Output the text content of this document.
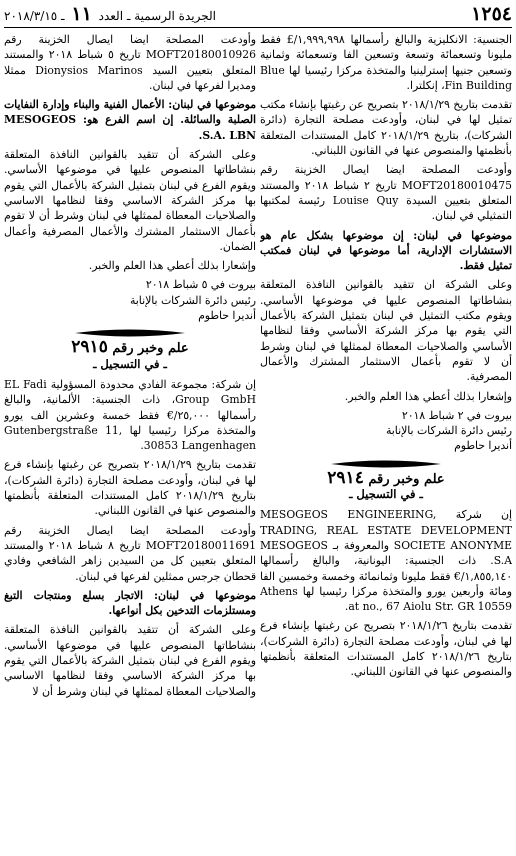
١٢٥٤
الجريدة الرسمية ـ العدد ١١ ـ ٢٠١٨/٣/١٥

الجنسية: الانكليزية والبالغ رأسمالها ١,٩٩٩,٩٩٨/£ فقط مليونا وتسعمائة وتسعة وتسعين الفا وتسعمائة وثمانية وتسعين جنيها إسترلينيا والمتخذة مركزا رئيسيا لها Blue Fin Building، إنكلترا.

تقدمت بتاريخ ٢٠١٨/١/٢٩ بتصريح عن رغبتها بإنشاء مكتب تمثيل لها في لبنان، وأودعت مصلحة التجارة (دائرة الشركات)، بتاريخ ٢٠١٨/١/٢٩ كامل المستندات المتعلقة بأنظمتها والمنصوص عنها في القانون اللبناني.

وأودعت المصلحة ايضا ايصال الخزينة رقم MOFT20180010475 تاريخ ٢ شباط ٢٠١٨ والمستند المتعلق بتعيين السيدة Louise Quy رئيسة لمكتبها التمثيلي في لبنان.

موضوعها في لبنان: إن موضوعها بشكل عام هو الاستشارات الإدارية، أما موضوعها في لبنان فمكتب تمثيل فقط.

وعلى الشركة ان تتقيد بالقوانين النافذة المتعلقة بنشاطاتها المنصوص عليها في موضوعها الأساسي. ويقوم مكتب التمثيل في لبنان بتمثيل الشركة بالأعمال التي يقوم بها مركز الشركة الأساسي وفقا لنظامها الأساسي والصلاحيات المعطاة لممثلها في لبنان وشرط أن لا تقوم بأعمال الاستثمار المشترك والأعمال المصرفية.

وإشعارا بذلك أعطي هذا العلم والخبر.

بيروت في ٢ شباط ٢٠١٨

رئيس دائرة الشركات بالإنابة

أنديرا حاطوم

علم وخبر رقم ٢٩١٤
ـ في التسجيل ـ

إن شركة MESOGEOS ENGINEERING, TRADING, REAL ESTATE DEVELOPMENT SOCIETE ANONYME والمعروفة بـ MESOGEOS S.A. ذات الجنسية: اليونانية، والبالغ رأسمالها ١,٨٥٥,١٤٠/€ فقط مليونا وثمانمائة وخمسة وخمسين الفا ومائة وأربعين يورو والمتخذة مركزا رئيسيا لها Athens at no., 67 Aiolu Str. GR 10559.

تقدمت بتاريخ ٢٠١٨/١/٢٦ بتصريح عن رغبتها بإنشاء فرع لها في لبنان، وأودعت مصلحة التجارة (دائرة الشركات)، بتاريخ ٢٠١٨/١/٢٦ كامل المستندات المتعلقة بأنظمتها والمنصوص عنها في القانون اللبناني.

وأودعت المصلحة ايضا ايصال الخزينة رقم MOFT20180010926 تاريخ ٥ شباط ٢٠١٨ والمستند المتعلق بتعيين السيد Dionysios Marinos ممثلا ومديرا لفرعها في لبنان.

موضوعها في لبنان: الأعمال الفنية والبناء وإدارة النفايات الصلبة والسائلة. إن اسم الفرع هو: MESOGEOS S.A. LBN.

وعلى الشركة أن تتقيد بالقوانين النافذة المتعلقة بنشاطاتها المنصوص عليها في موضوعها الأساسي. ويقوم الفرع في لبنان بتمثيل الشركة بالأعمال التي يقوم بها مركز الشركة الاساسي وفقا لنظامها الاساسي والصلاحيات المعطاة لممثلها في لبنان وشرط أن لا تقوم بأعمال الاستثمار المشترك والأعمال المصرفية وأعمال الضمان.

وإشعارا بذلك أعطي هذا العلم والخبر.

بيروت في ٥ شباط ٢٠١٨

رئيس دائرة الشركات بالإنابة

أنديرا حاطوم

علم وخبر رقم ٢٩١٥
ـ في التسجيل ـ

إن شركة: مجموعة الفادي محدودة المسؤولية EL Fadi Group GmbH، ذات الجنسية: الألمانية، والبالغ رأسمالها ٢٥,٠٠٠/€ فقط خمسة وعشرين الف يورو والمتخذة مركزا رئيسيا لها Gutenbergstraße 11, 30853 Langenhagen.

تقدمت بتاريخ ٢٠١٨/١/٢٩ بتصريح عن رغبتها بإنشاء فرع لها في لبنان، وأودعت مصلحة التجارة (دائرة الشركات)، بتاريخ ٢٠١٨/١/٢٩ كامل المستندات المتعلقة بأنظمتها والمنصوص عنها في القانون اللبناني.

وأودعت المصلحة ايضا ايصال الخزينة رقم MOFT20180011691 تاريخ ٨ شباط ٢٠١٨ والمستند المتعلق بتعيين كل من السيدين زاهر الشافعي وفادي قحطان جرجس ممثلين لفرعها في لبنان.

موضوعها في لبنان: الاتجار بسلع ومنتجات التبغ ومستلزمات التدخين بكل أنواعها.

وعلى الشركة أن تتقيد بالقوانين النافذة المتعلقة بنشاطاتها المنصوص عليها في موضوعها الأساسي. ويقوم الفرع في لبنان بتمثيل الشركة بالأعمال التي يقوم بها مركز الشركة الاساسي وفقا لنظامها الاساسي والصلاحيات المعطاة لممثلها في لبنان وشرط أن لا
